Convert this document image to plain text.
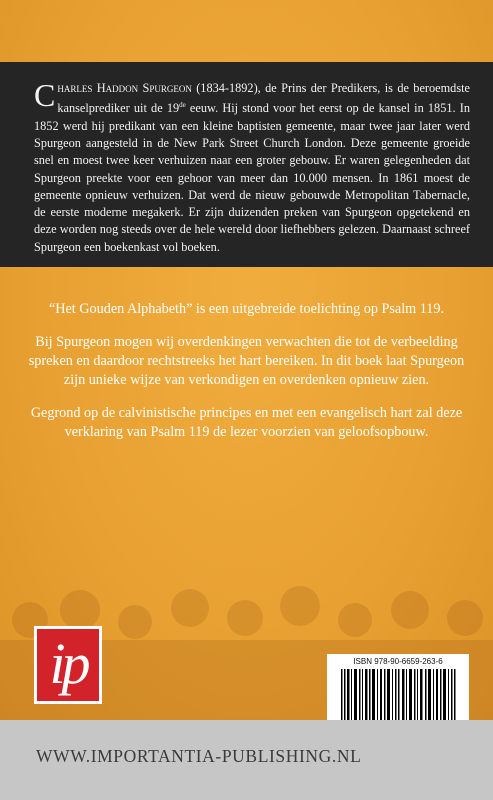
Charles Haddon Spurgeon (1834-1892), de Prins der Predikers, is de beroemdste kanselprediker uit de 19de eeuw. Hij stond voor het eerst op de kansel in 1851. In 1852 werd hij predikant van een kleine baptisten gemeente, maar twee jaar later werd Spurgeon aangesteld in de New Park Street Church London. Deze gemeente groeide snel en moest twee keer verhuizen naar een groter gebouw. Er waren gelegenheden dat Spurgeon preekte voor een gehoor van meer dan 10.000 mensen. In 1861 moest de gemeente opnieuw verhuizen. Dat werd de nieuw gebouwde Metropolitan Tabernacle, de eerste moderne megakerk. Er zijn duizenden preken van Spurgeon opgetekend en deze worden nog steeds over de hele wereld door liefhebbers gelezen. Daarnaast schreef Spurgeon een boekenkast vol boeken.

“Het Gouden Alphabeth” is een uitgebreide toelichting op Psalm 119.

Bij Spurgeon mogen wij overdenkingen verwachten die tot de verbeelding spreken en daardoor rechtstreeks het hart bereiken. In dit boek laat Spurgeon zijn unieke wijze van verkondigen en overdenken opnieuw zien.

Gegrond op de calvinistische principes en met een evangelisch hart zal deze verklaring van Psalm 119 de lezer voorzien van geloofsopbouw.

ip	ISBN 978-90-6659-263-6
WWW.IMPORTANTIA-PUBLISHING.NL
